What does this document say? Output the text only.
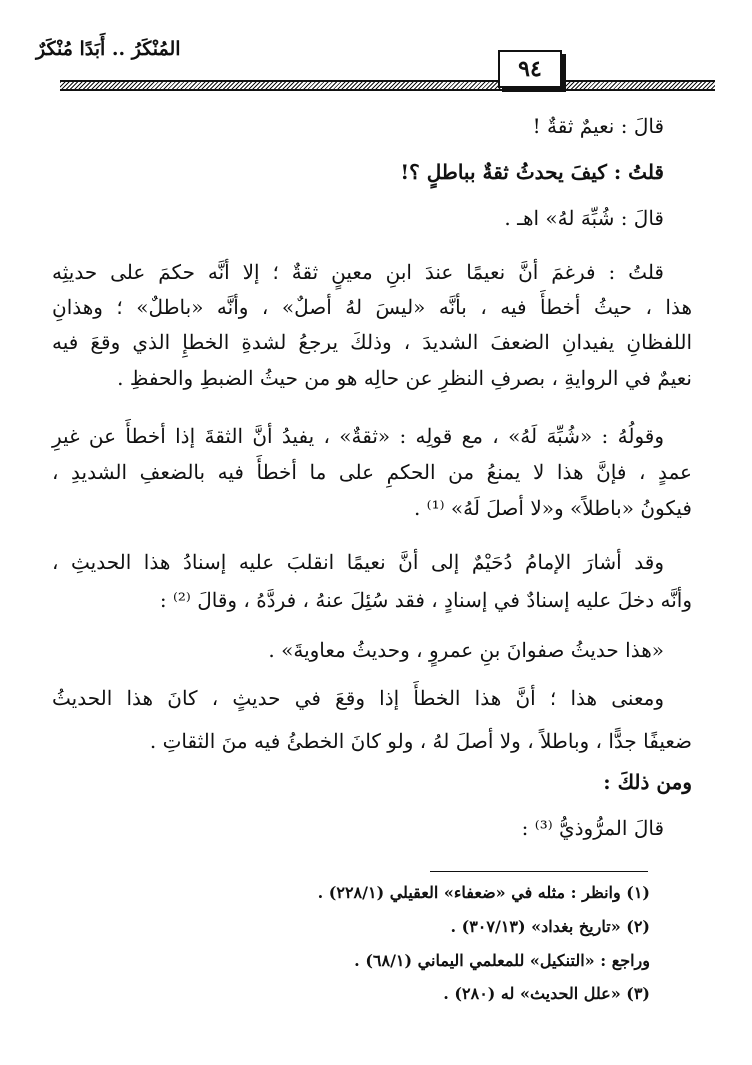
المُنْكَرُ .. أَبَدًا مُنْكَرٌ
٩٤
قالَ : نعيمٌ ثقةٌ !
قلتُ : كيفَ يحدثُ ثقةٌ بباطلٍ ؟!
قالَ : شُبِّهَ لهُ» اهـ .
قلتُ : فرغمَ أنَّ نعيمًا عندَ ابنِ معينٍ ثقةٌ ؛ إلا أنَّه حكمَ على حديثِه
هذا ، حيثُ أخطأَ فيه ، بأنَّه «ليسَ لهُ أصلٌ» ، وأنَّه «باطلٌ» ؛ وهذانِ
اللفظانِ يفيدانِ الضعفَ الشديدَ ، وذلكَ يرجعُ لشدةِ الخطإِ الذي وقعَ فيه
نعيمٌ في الروايةِ ، بصرفِ النظرِ عن حالِه هو من حيثُ الضبطِ والحفظِ .
وقولُهُ : «شُبِّهَ لَهُ» ، مع قولِه : «ثقةٌ» ، يفيدُ أنَّ الثقةَ إذا أخطأَ عن غيرِ
عمدٍ ، فإنَّ هذا لا يمنعُ من الحكمِ على ما أخطأَ فيه بالضعفِ الشديدِ ،
فيكونُ «باطلاً» و«لا أصلَ لَهُ» ⁽¹⁾ .
وقد أشارَ الإمامُ دُحَيْمٌ إلى أنَّ نعيمًا انقلبَ عليه إسنادُ هذا الحديثِ ،
وأنَّه دخلَ عليه إسنادٌ في إسنادٍ ، فقد سُئِلَ عنهُ ، فردَّهُ ، وقالَ ⁽²⁾ :
«هذا حديثُ صفوانَ بنِ عمروٍ ، وحديثُ معاويةَ» .
ومعنى هذا ؛ أنَّ هذا الخطأَ إذا وقعَ في حديثٍ ، كانَ هذا الحديثُ
ضعيفًا جدًّا ، وباطلاً ، ولا أصلَ لهُ ، ولو كانَ الخطئُ فيه منَ الثقاتِ .
ومن ذلكَ :
قالَ المرُّوذيُّ ⁽³⁾ :
(١) وانظر : مثله في «ضعفاء» العقيلي (٢٢٨/١) .
(٢) «تاريخ بغداد» (٣٠٧/١٣) .
وراجع : «التنكيل» للمعلمي اليماني (٦٨/١) .
(٣) «علل الحديث» له (٢٨٠) .
